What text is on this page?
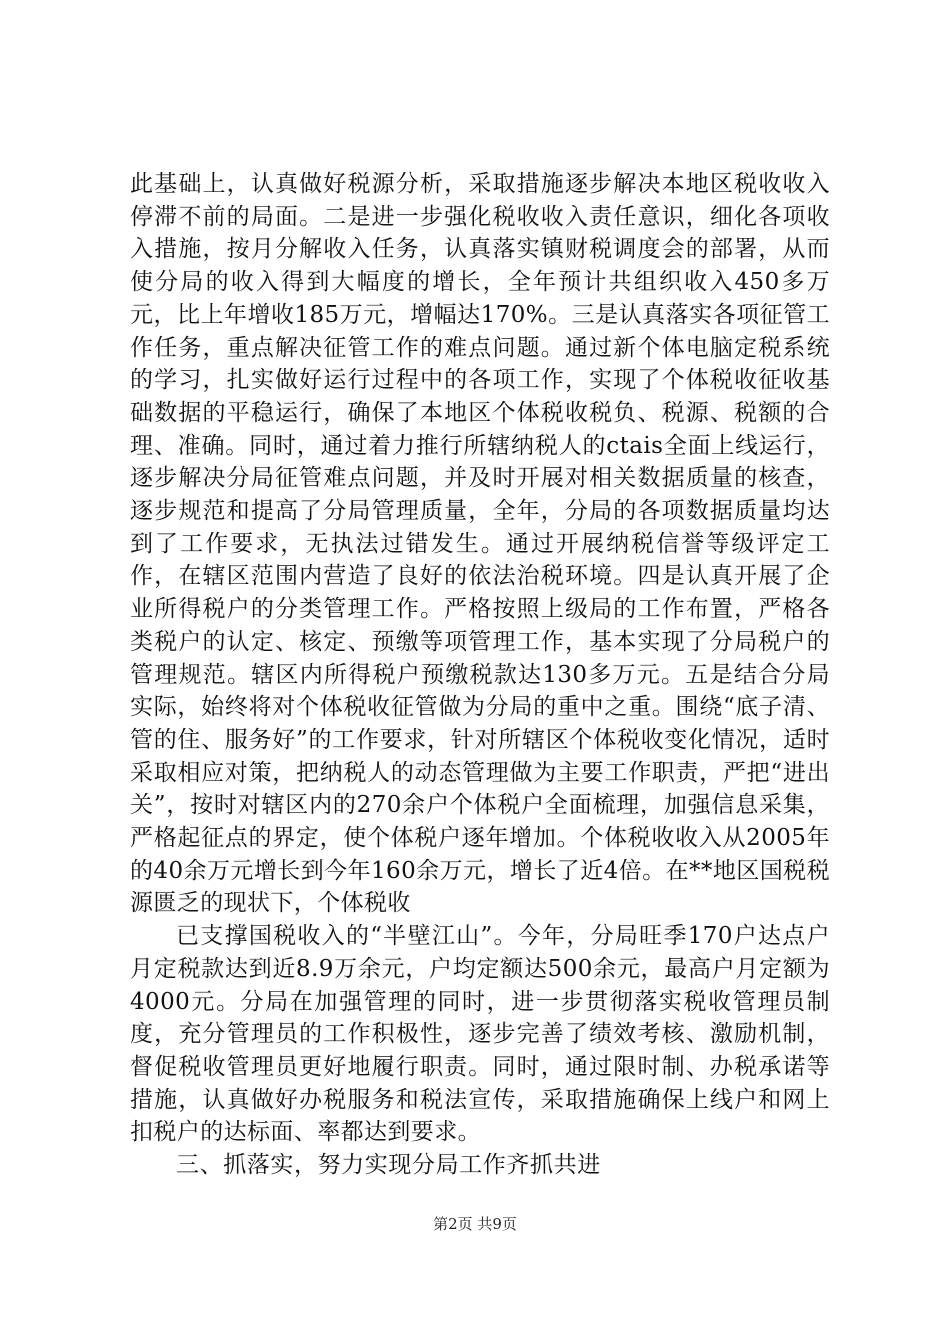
此基础上，认真做好税源分析，采取措施逐步解决本地区税收收入停滞不前的局面。二是进一步强化税收收入责任意识，细化各项收入措施，按月分解收入任务，认真落实镇财税调度会的部署，从而使分局的收入得到大幅度的增长，全年预计共组织收入450多万元，比上年增收185万元，增幅达170%。三是认真落实各项征管工作任务，重点解决征管工作的难点问题。通过新个体电脑定税系统的学习，扎实做好运行过程中的各项工作，实现了个体税收征收基础数据的平稳运行，确保了本地区个体税收税负、税源、税额的合理、准确。同时，通过着力推行所辖纳税人的ctais全面上线运行，逐步解决分局征管难点问题，并及时开展对相关数据质量的核查，逐步规范和提高了分局管理质量，全年，分局的各项数据质量均达到了工作要求，无执法过错发生。通过开展纳税信誉等级评定工作，在辖区范围内营造了良好的依法治税环境。四是认真开展了企业所得税户的分类管理工作。严格按照上级局的工作布置，严格各类税户的认定、核定、预缴等项管理工作，基本实现了分局税户的管理规范。辖区内所得税户预缴税款达130多万元。五是结合分局实际，始终将对个体税收征管做为分局的重中之重。围绕“底子清、管的住、服务好”的工作要求，针对所辖区个体税收变化情况，适时采取相应对策，把纳税人的动态管理做为主要工作职责，严把“进出关”，按时对辖区内的270余户个体税户全面梳理，加强信息采集，严格起征点的界定，使个体税户逐年增加。个体税收收入从2005年的40余万元增长到今年160余万元，增长了近4倍。在**地区国税税源匮乏的现状下，个体税收

已支撑国税收入的“半壁江山”。今年，分局旺季170户达点户月定税款达到近8.9万余元，户均定额达500余元，最高户月定额为4000元。分局在加强管理的同时，进一步贯彻落实税收管理员制度，充分管理员的工作积极性，逐步完善了绩效考核、激励机制，督促税收管理员更好地履行职责。同时，通过限时制、办税承诺等措施，认真做好办税服务和税法宣传，采取措施确保上线户和网上扣税户的达标面、率都达到要求。

三、抓落实，努力实现分局工作齐抓共进

第2页 共9页
